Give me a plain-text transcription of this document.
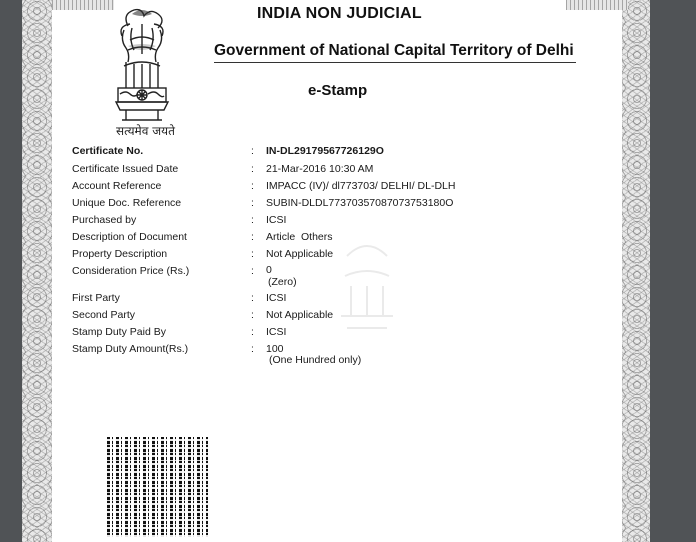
सत्यमेव जयते
INDIA NON JUDICIAL
Government of National Capital Territory of Delhi
e-Stamp
Certificate No.	: IN-DL29179567726129O
Certificate Issued Date	: 21-Mar-2016 10:30 AM
Account Reference	: IMPACC (IV)/ dl773703/ DELHI/ DL-DLH
Unique Doc. Reference	: SUBIN-DLDL77370357087073753180O
Purchased by	: ICSI
Description of Document	: Article  Others
Property Description	: Not Applicable
Consideration Price (Rs.)	: 0
(Zero)
First Party	: ICSI
Second Party	: Not Applicable
Stamp Duty Paid By	: ICSI
Stamp Duty Amount(Rs.)	: 100
(One Hundred only)
